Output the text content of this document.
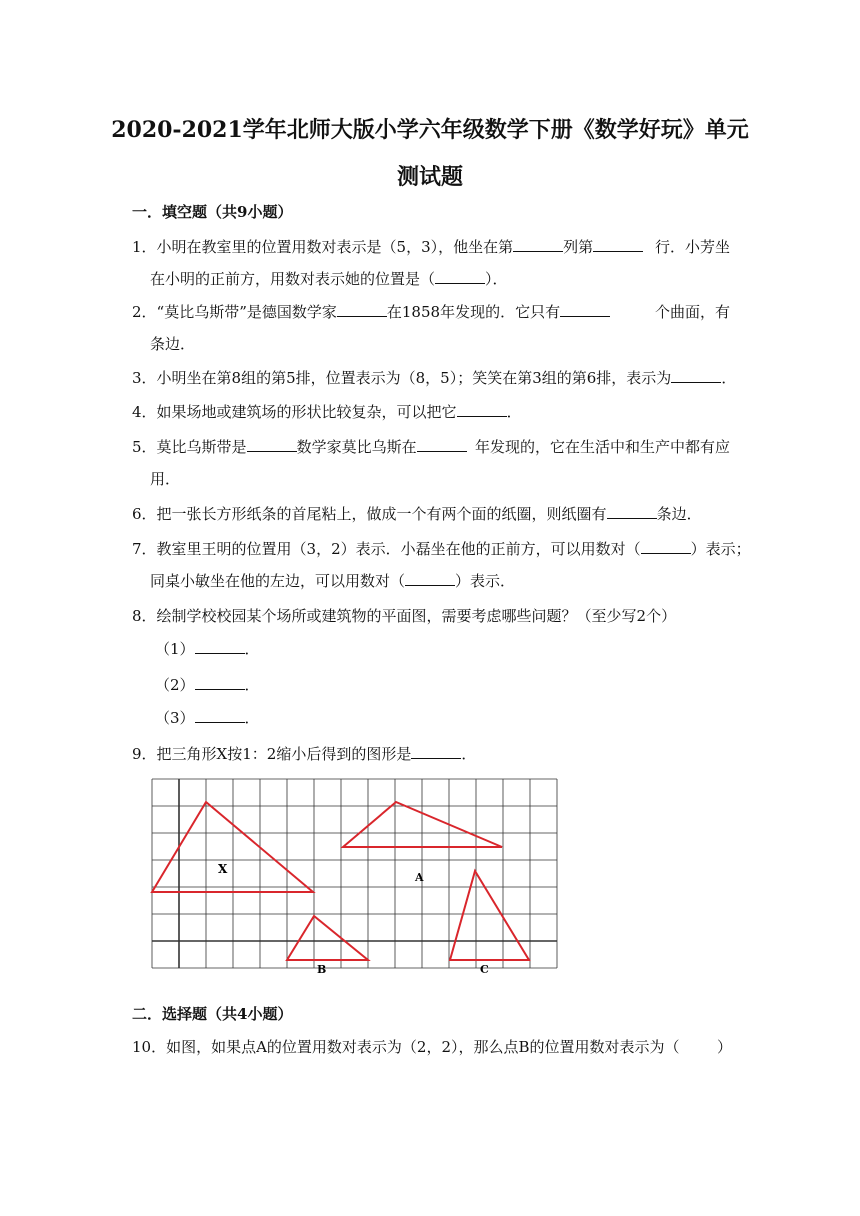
2020-2021学年北师大版小学六年级数学下册《数学好玩》单元
测试题
一．填空题（共9小题）
1． 小明在教室里的位置用数对表示是（5，3），他坐在第	列第	行．小芳坐
在小明的正前方，用数对表示她的位置是（	）．
2． “莫比乌斯带”是德国数学家	在1858年发现的．它只有	个曲面，有
条边．
3．小明坐在第8组的第5排，位置表示为（8，5）；笑笑在第3组的第6排，表示为	．
4．如果场地或建筑场的形状比较复杂，可以把它	．
5． 莫比乌斯带是	数学家莫比乌斯在	年发现的，它在生活中和生产中都有应
用．
6．把一张长方形纸条的首尾粘上，做成一个有两个面的纸圈，则纸圈有	条边．
7．教室里王明的位置用（3，2）表示．小磊坐在他的正前方，可以用数对（	）表示；
同桌小敏坐在他的左边，可以用数对（	）表示．
8．绘制学校校园某个场所或建筑物的平面图，需要考虑哪些问题？（至少写2个）
（1）	．
（2）	．
（3）	．
9．把三角形X按1：2缩小后得到的图形是	．
X
A
B	C
二．选择题（共4小题）
10．如图，如果点A的位置用数对表示为（2，2），那么点B的位置用数对表示为（ ）
